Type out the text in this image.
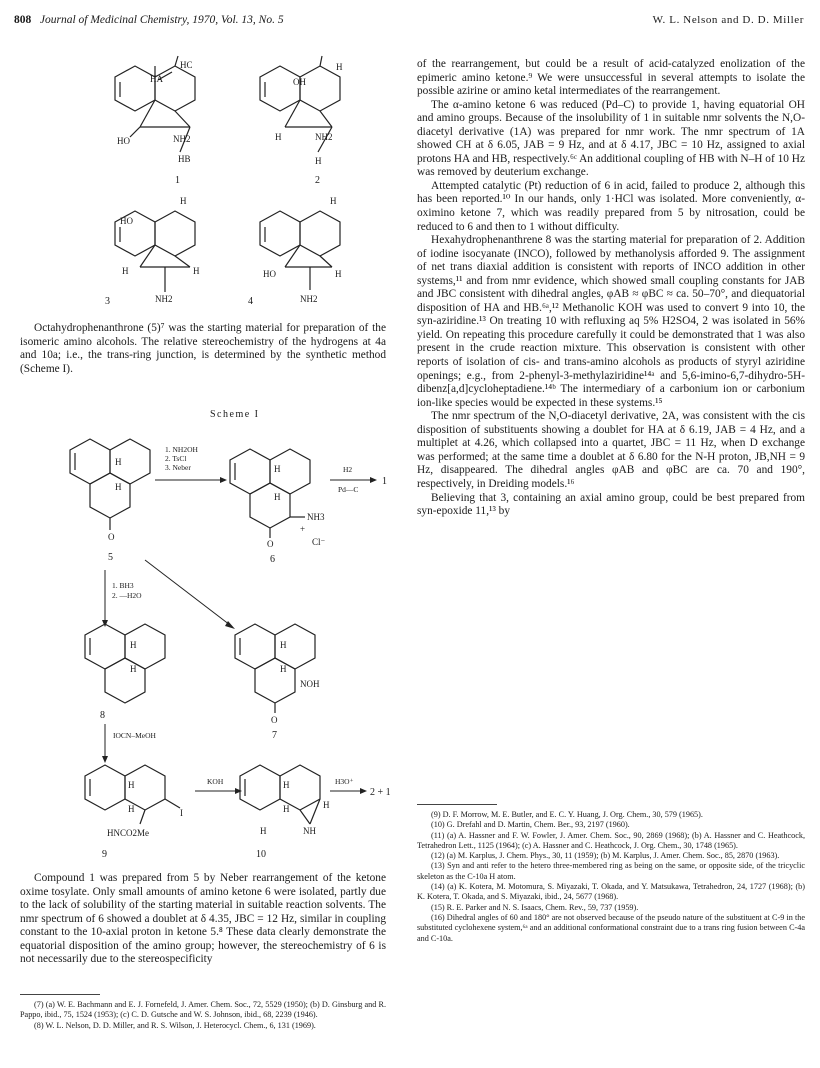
808 Journal of Medicinal Chemistry, 1970, Vol. 13, No. 5	W. L. Nelson and D. D. Miller
HA
HC
HO	NH2
HB
1
OH
H
H	NH2
H
2
HO
H
H	H
NH2
H
HO	H
NH2
3	4

Octahydrophenanthrone (5)⁷ was the starting material for preparation of the isomeric amino alcohols. The relative stereochemistry of the hydrogens at 4a and 10a; i.e., the trans-ring junction, is determined by the synthetic method (Scheme I).

Scheme I
O
5
H
H
1. NH2OH
2. TsCl
3. Neber	H
H
O
NH3
+
Cl⁻
6
H2
Pd—C
1
1. BH3
2. —H2O
H
H
8
H
H
NOH
O
7
IOCN–MeOH
H
H	I
HNCO2Me
KOH	H
H	H
NH
H
H3O⁺
2 + 1
9	10

Compound 1 was prepared from 5 by Neber rearrangement of the ketone oxime tosylate. Only small amounts of amino ketone 6 were isolated, partly due to the lack of solubility of the starting material in suitable reaction solvents. The nmr spectrum of 6 showed a doublet at δ 4.35, JBC = 12 Hz, similar in coupling constant to the 10-axial proton in ketone 5.⁸ These data clearly demonstrate the equatorial disposition of the amino group; however, the stereochemistry of 6 is not necessarily due to the stereospecificity

(7) (a) W. E. Bachmann and E. J. Fornefeld, J. Amer. Chem. Soc., 72, 5529 (1950); (b) D. Ginsburg and R. Pappo, ibid., 75, 1524 (1953); (c) C. D. Gutsche and W. S. Johnson, ibid., 68, 2239 (1946).
(8) W. L. Nelson, D. D. Miller, and R. S. Wilson, J. Heterocycl. Chem., 6, 131 (1969).

of the rearrangement, but could be a result of acid-catalyzed enolization of the epimeric amino ketone.⁹ We were unsuccessful in several attempts to isolate the possible azirine or amino ketal intermediates of the rearrangement.

The α-amino ketone 6 was reduced (Pd–C) to provide 1, having equatorial OH and amino groups. Because of the insolubility of 1 in suitable nmr solvents the N,O-diacetyl derivative (1A) was prepared for nmr work. The nmr spectrum of 1A showed CH at δ 6.05, JAB = 9 Hz, and at δ 4.17, JBC = 10 Hz, assigned to axial protons HA and HB, respectively.⁶ᶜ An additional coupling of HB with N–H of 10 Hz was removed by deuterium exchange.

Attempted catalytic (Pt) reduction of 6 in acid, failed to produce 2, although this has been reported.¹⁰ In our hands, only 1·HCl was isolated. More conveniently, α-oximino ketone 7, which was readily prepared from 5 by nitrosation, could be reduced to 6 and then to 1 without difficulty.

Hexahydrophenanthrene 8 was the starting material for preparation of 2. Addition of iodine isocyanate (INCO), followed by methanolysis afforded 9. The assignment of net trans diaxial addition is consistent with reports of INCO addition in other systems,¹¹ and from nmr evidence, which showed small coupling constants for JAB and JBC consistent with dihedral angles, φAB ≈ φBC ≈ ca. 50–70°, and diequatorial disposition of HA and HB.⁶ᵃ,¹² Methanolic KOH was used to convert 9 into 10, the syn-aziridine.¹³ On treating 10 with refluxing aq 5% H2SO4, 2 was isolated in 56% yield. On repeating this procedure carefully it could be demonstrated that 1 was also present in the crude reaction mixture. This observation is consistent with other reports of isolation of cis- and trans-amino alcohols as products of styryl aziridine openings; e.g., from 2-phenyl-3-methylaziridine¹⁴ᵃ and 5,6-imino-6,7-dihydro-5H-dibenz[a,d]cycloheptadiene.¹⁴ᵇ The intermediary of a carbonium ion or carbonium ion-like species would be expected in these systems.¹⁵

The nmr spectrum of the N,O-diacetyl derivative, 2A, was consistent with the cis disposition of substituents showing a doublet for HA at δ 6.19, JAB = 4 Hz, and a multiplet at 4.26, which collapsed into a quartet, JBC = 11 Hz, when D exchange was performed; at the same time a doublet at δ 6.80 for the N-H proton, JB,NH = 9 Hz, disappeared. The dihedral angles φAB and φBC are ca. 70 and 190°, respectively, in Dreiding models.¹⁶

Believing that 3, containing an axial amino group, could be best prepared from syn-epoxide 11,¹³ by

(9) D. F. Morrow, M. E. Butler, and E. C. Y. Huang, J. Org. Chem., 30, 579 (1965).
(10) G. Drefahl and D. Martin, Chem. Ber., 93, 2197 (1960).
(11) (a) A. Hassner and F. W. Fowler, J. Amer. Chem. Soc., 90, 2869 (1968); (b) A. Hassner and C. Heathcock, Tetrahedron Lett., 1125 (1964); (c) A. Hassner and C. Heathcock, J. Org. Chem., 30, 1748 (1965).
(12) (a) M. Karplus, J. Chem. Phys., 30, 11 (1959); (b) M. Karplus, J. Amer. Chem. Soc., 85, 2870 (1963).
(13) Syn and anti refer to the hetero three-membered ring as being on the same, or opposite side, of the tricyclic skeleton as the C-10a H atom.
(14) (a) K. Kotera, M. Motomura, S. Miyazaki, T. Okada, and Y. Matsukawa, Tetrahedron, 24, 1727 (1968); (b) K. Kotera, T. Okada, and S. Miyazaki, ibid., 24, 5677 (1968).
(15) R. E. Parker and N. S. Isaacs, Chem. Rev., 59, 737 (1959).
(16) Dihedral angles of 60 and 180° are not observed because of the pseudo nature of the substituent at C-9 in the substituted cyclohexene system,⁶ᵃ and an additional conformational constraint due to a trans ring fusion between C-4a and C-10a.
